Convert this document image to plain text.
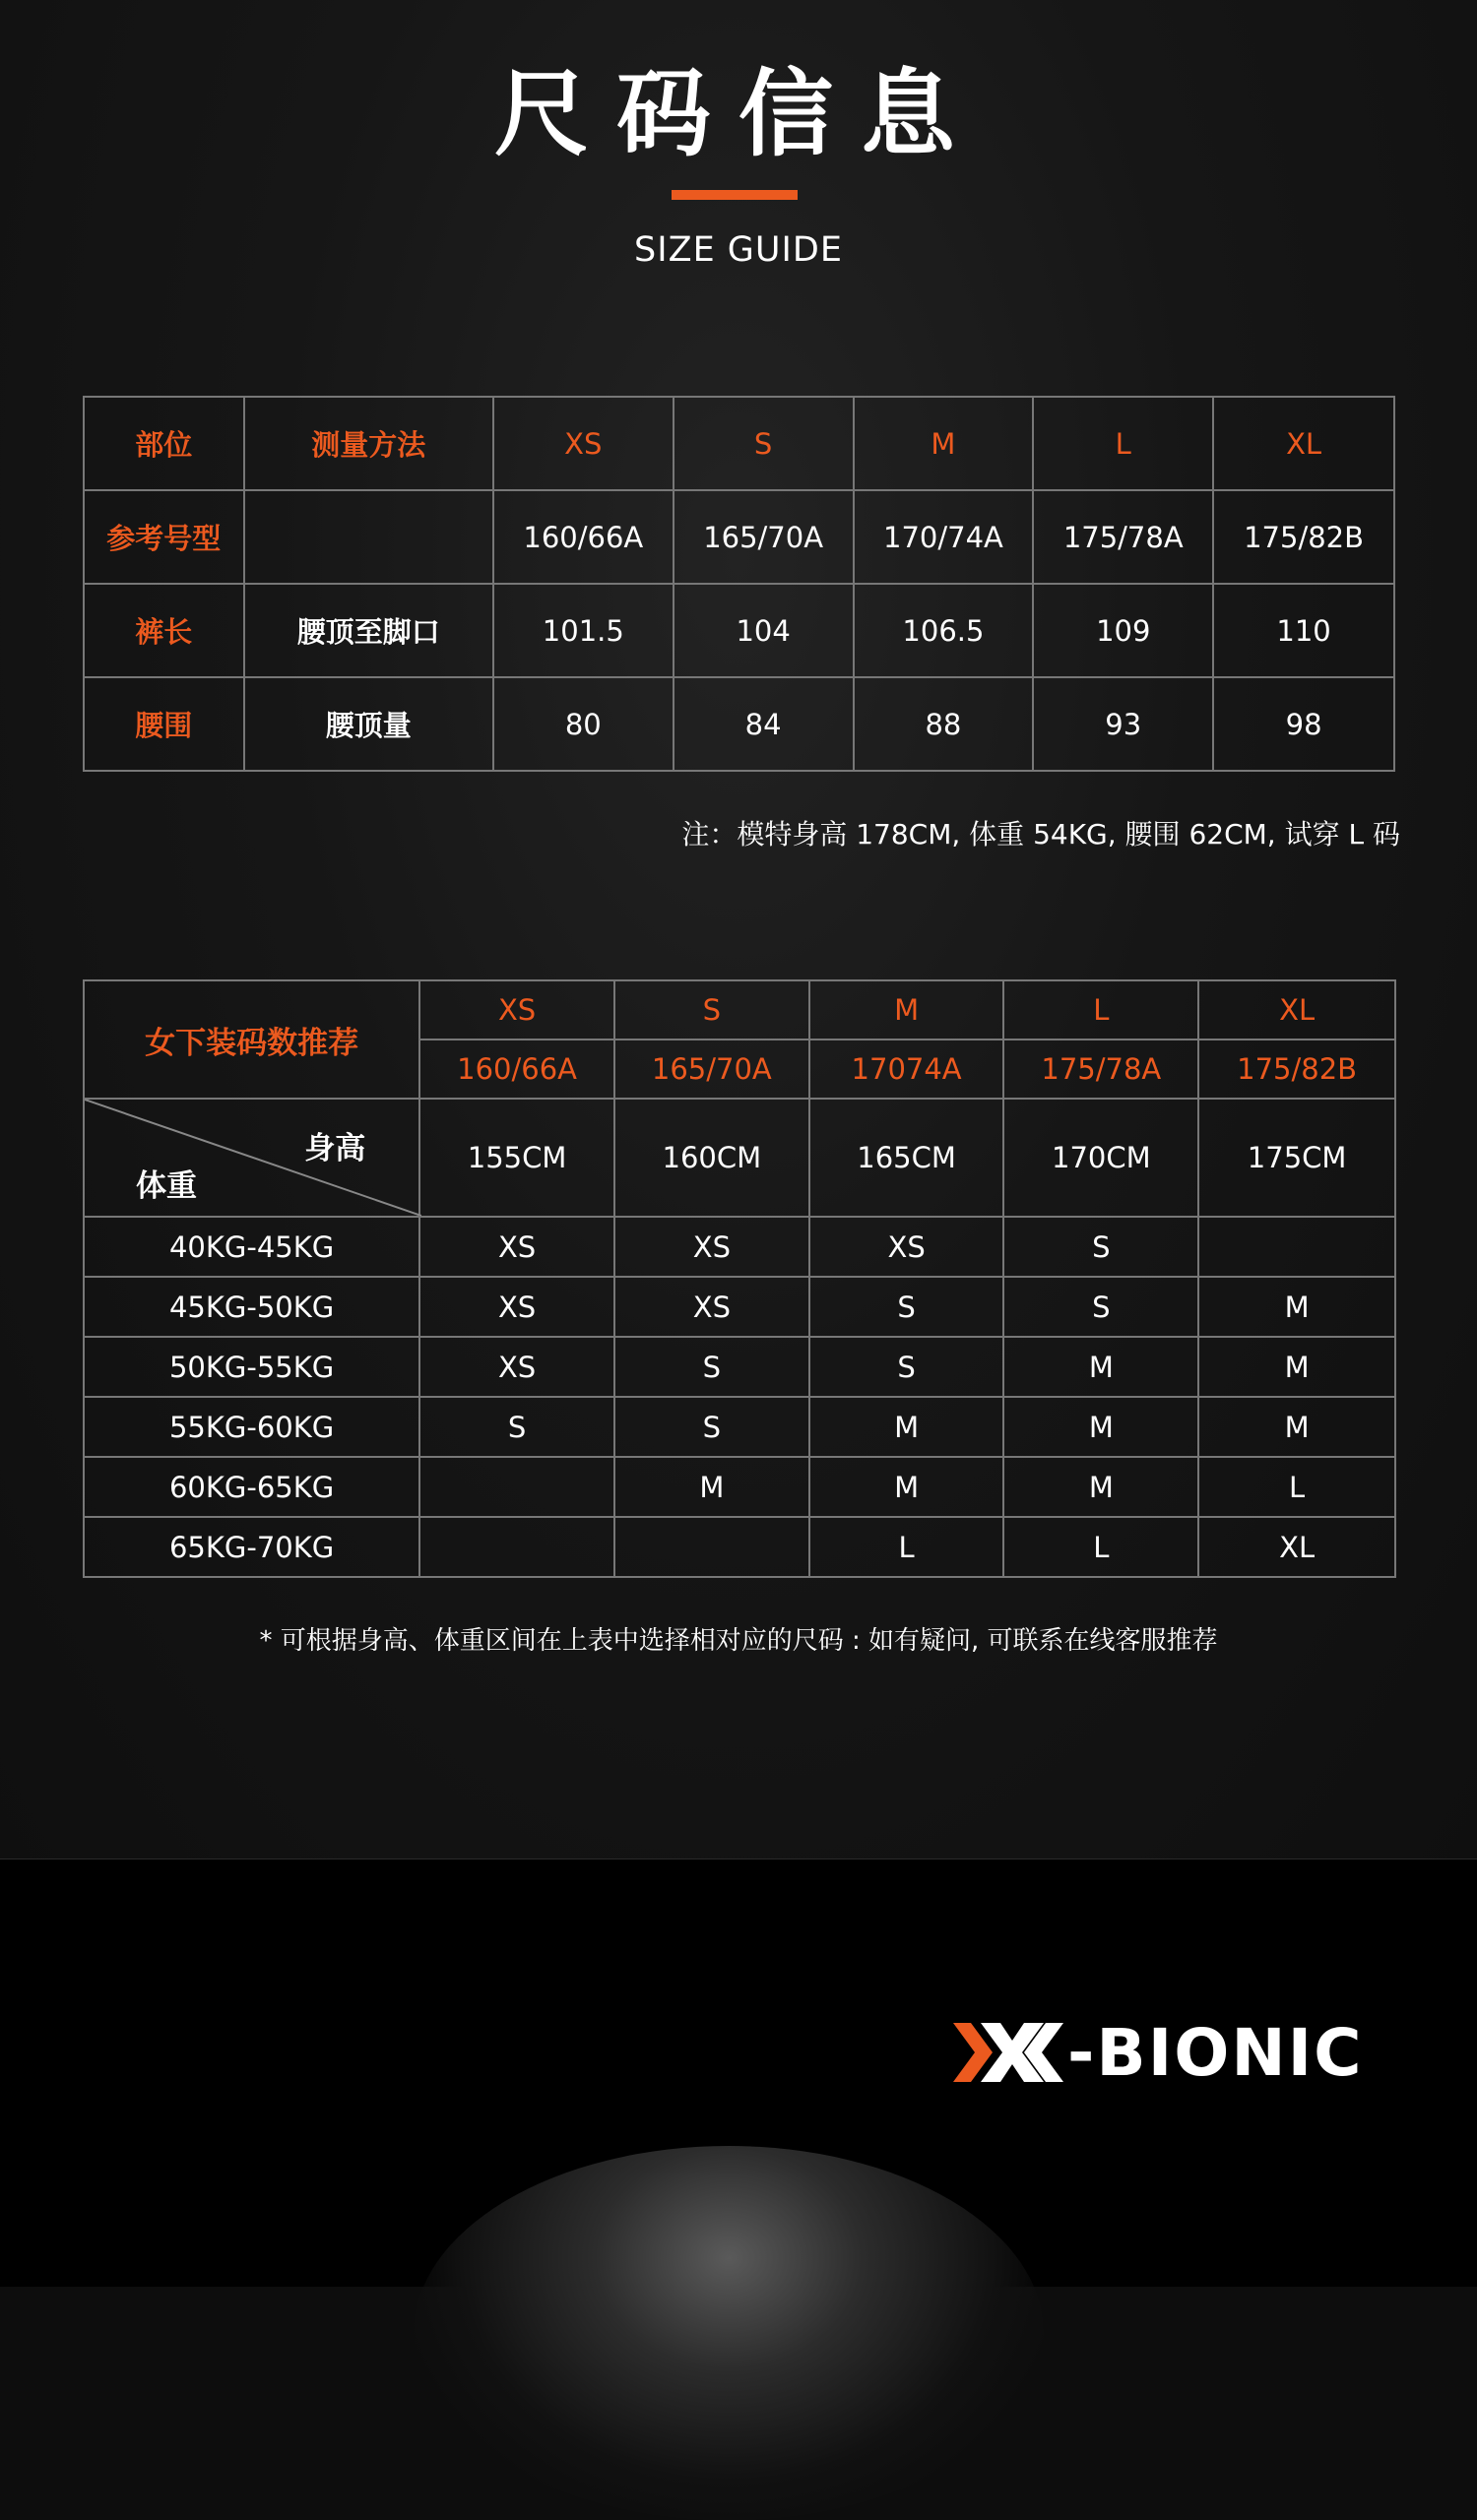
尺码信息
SIZE GUIDE
部位	测量方法	XS	S	M	L	XL
参考号型		160/66A	165/70A	170/74A	175/78A	175/82B
裤长	腰顶至脚口	101.5	104	106.5	109	110
腰围	腰顶量	80	84	88	93	98
注：模特身高 178CM, 体重 54KG, 腰围 62CM, 试穿 L 码
女下装码数推荐	XS	S	M	L	XL
	160/66A	165/70A	17074A	175/78A	175/82B

身高
体重	155CM	160CM	165CM	170CM	175CM
40KG-45KG	XS	XS	XS	S	
45KG-50KG	XS	XS	S	S	M
50KG-55KG	XS	S	S	M	M
55KG-60KG	S	S	M	M	M
60KG-65KG		M	M	M	L
65KG-70KG			L	L	XL
* 可根据身高、体重区间在上表中选择相对应的尺码 : 如有疑问, 可联系在线客服推荐
-BIONIC
